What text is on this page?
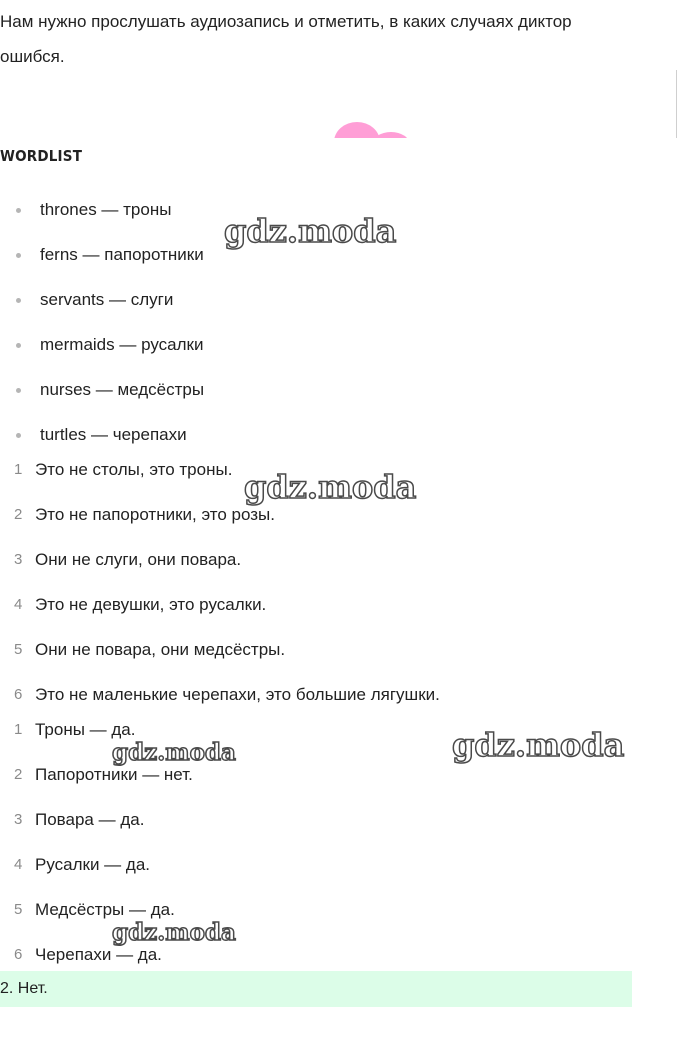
Нам нужно прослушать аудиозапись и отметить, в каких случаях диктор ошибся.

WORDLIST
thrones — троны
ferns — папоротники
servants — слуги
mermaids — русалки
nurses — медсёстры
turtles — черепахи
1 Это не столы, это троны.
2 Это не папоротники, это розы.
3 Они не слуги, они повара.
4 Это не девушки, это русалки.
5 Они не повара, они медсёстры.
6 Это не маленькие черепахи, это большие лягушки.
1 Троны — да.
2 Папоротники — нет.
3 Повара — да.
4 Русалки — да.
5 Медсёстры — да.
6 Черепахи — да.
2. Нет.
gdz.moda
gdz.moda
gdz.moda
gdz.moda
gdz.moda
